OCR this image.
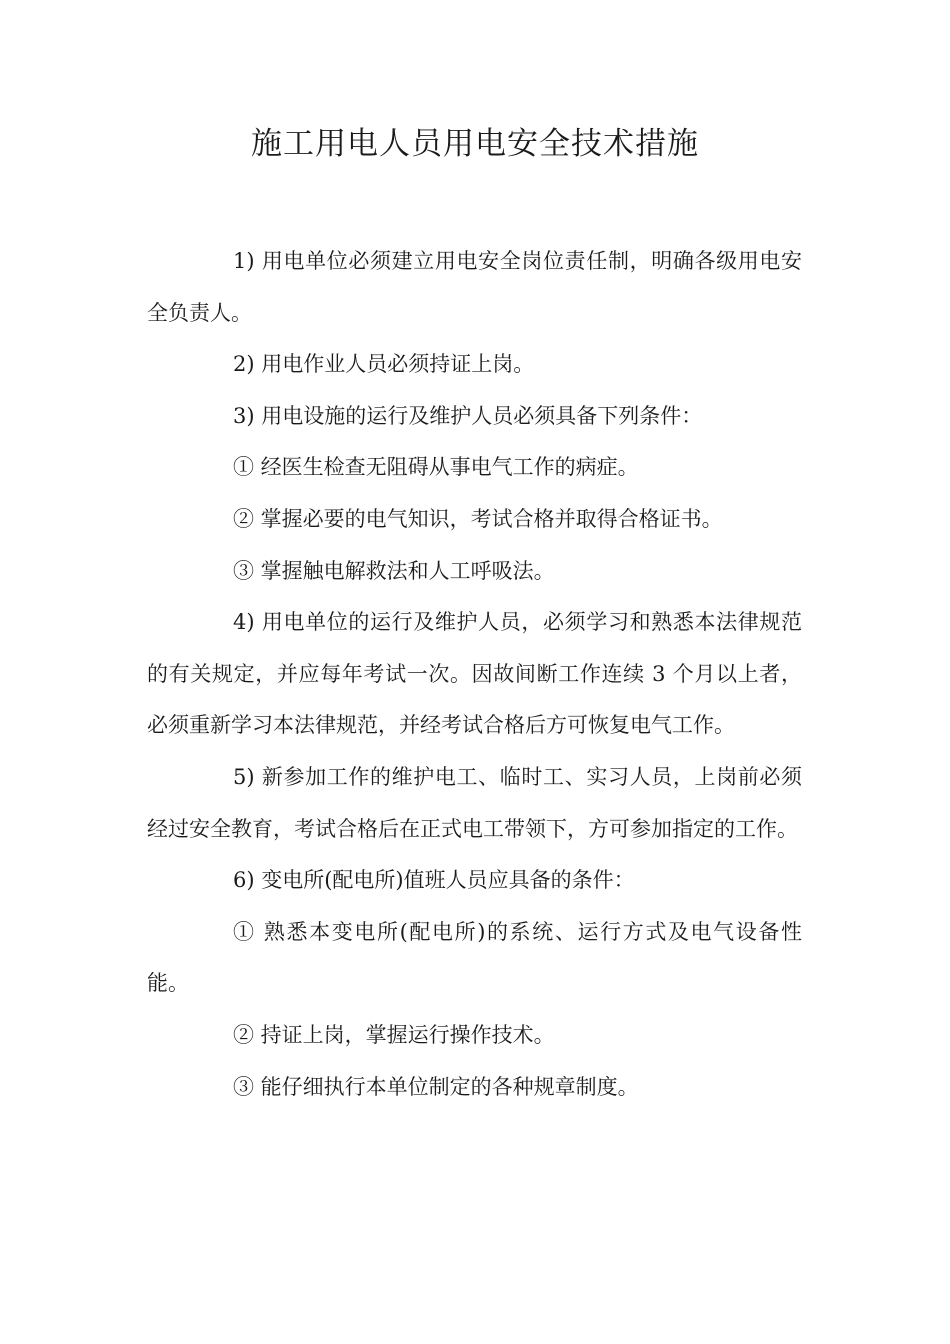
施工用电人员用电安全技术措施

1) 用电单位必须建立用电安全岗位责任制，明确各级用电安全负责人。

2) 用电作业人员必须持证上岗。

3) 用电设施的运行及维护人员必须具备下列条件：

① 经医生检查无阻碍从事电气工作的病症。

② 掌握必要的电气知识，考试合格并取得合格证书。

③ 掌握触电解救法和人工呼吸法。

4) 用电单位的运行及维护人员，必须学习和熟悉本法律规范的有关规定，并应每年考试一次。因故间断工作连续 3 个月以上者，必须重新学习本法律规范，并经考试合格后方可恢复电气工作。

5) 新参加工作的维护电工、临时工、实习人员，上岗前必须经过安全教育，考试合格后在正式电工带领下，方可参加指定的工作。

6) 变电所(配电所)值班人员应具备的条件：

① 熟悉本变电所(配电所)的系统、运行方式及电气设备性能。

② 持证上岗，掌握运行操作技术。

③ 能仔细执行本单位制定的各种规章制度。
